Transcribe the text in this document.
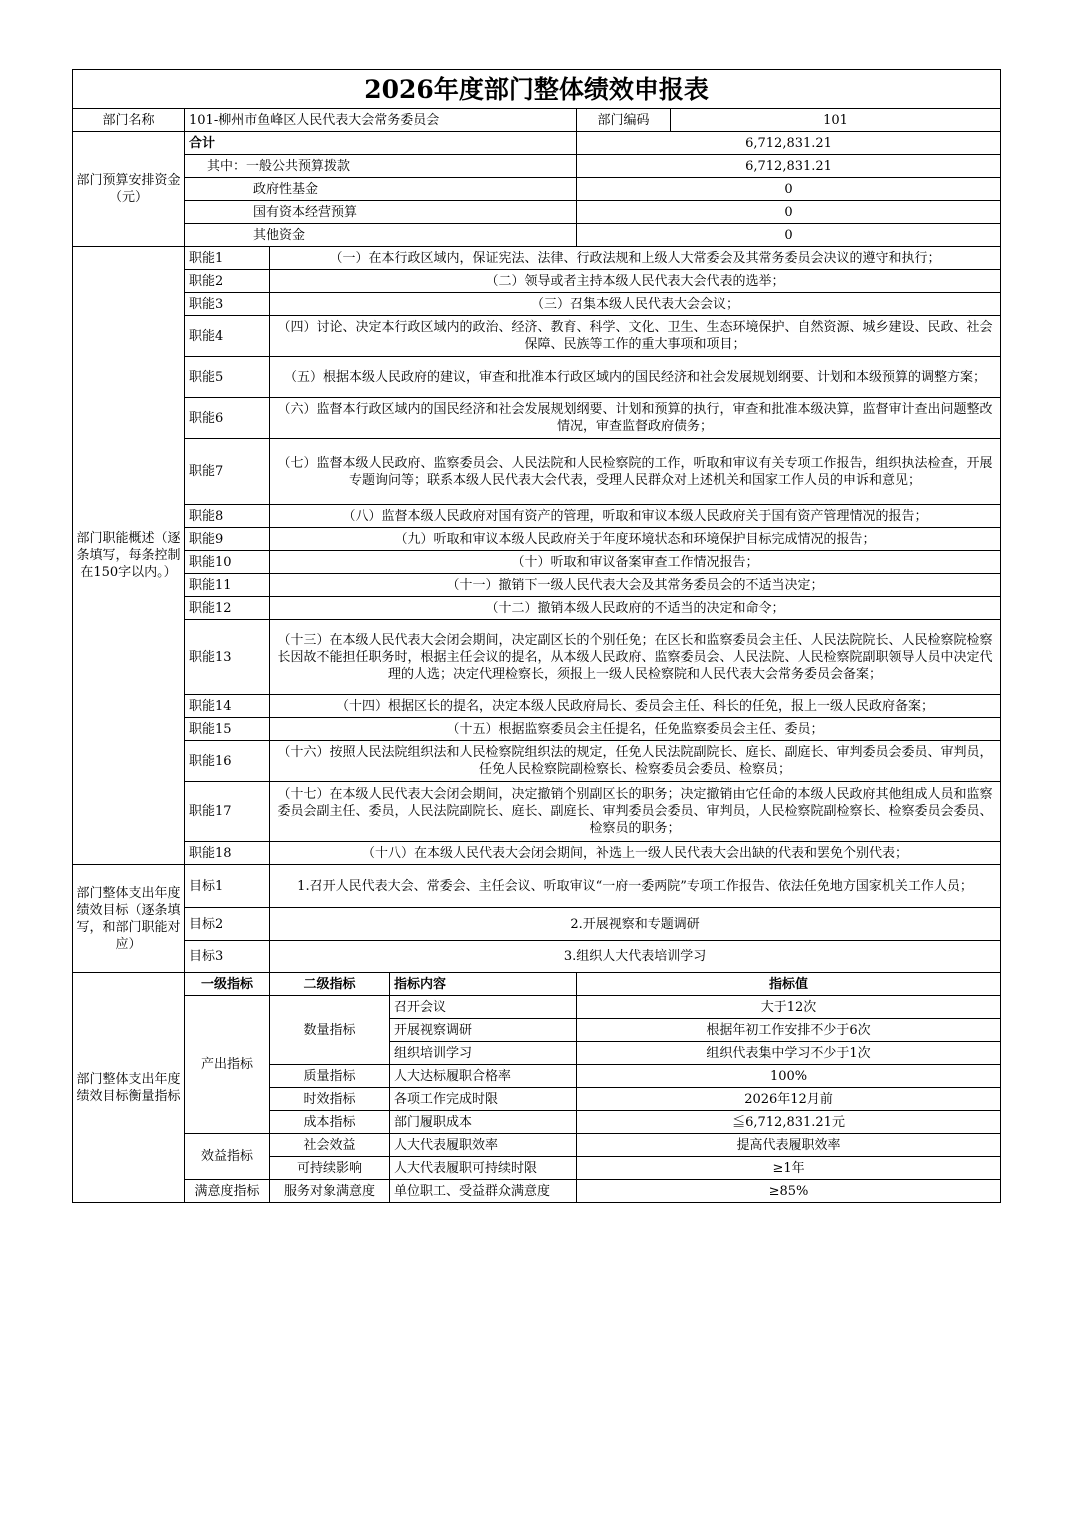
2026年度部门整体绩效申报表					
部门名称	101-柳州市鱼峰区人民代表大会常务委员会			部门编码	101
部门预算安排资金（元）	合计			6,712,831.21	
	其中：一般公共预算拨款			6,712,831.21	
	政府性基金			0	
	国有资本经营预算			0	
	其他资金			0	
部门职能概述（逐条填写，每条控制在150字以内。）	职能1	（一）在本行政区域内，保证宪法、法律、行政法规和上级人大常委会及其常务委员会决议的遵守和执行；			
	职能2	（二）领导或者主持本级人民代表大会代表的选举；			
	职能3	（三）召集本级人民代表大会会议；			
	职能4	（四）讨论、决定本行政区域内的政治、经济、教育、科学、文化、卫生、生态环境保护、自然资源、城乡建设、民政、社会保障、民族等工作的重大事项和项目；			
	职能5	（五）根据本级人民政府的建议，审查和批准本行政区域内的国民经济和社会发展规划纲要、计划和本级预算的调整方案；			
	职能6	（六）监督本行政区域内的国民经济和社会发展规划纲要、计划和预算的执行，审查和批准本级决算，监督审计查出问题整改情况，审查监督政府债务；			
	职能7	（七）监督本级人民政府、监察委员会、人民法院和人民检察院的工作，听取和审议有关专项工作报告，组织执法检查，开展专题询问等；联系本级人民代表大会代表，受理人民群众对上述机关和国家工作人员的申诉和意见；			
	职能8	（八）监督本级人民政府对国有资产的管理，听取和审议本级人民政府关于国有资产管理情况的报告；			
	职能9	（九）听取和审议本级人民政府关于年度环境状态和环境保护目标完成情况的报告；			
	职能10	（十）听取和审议备案审查工作情况报告；			
	职能11	（十一）撤销下一级人民代表大会及其常务委员会的不适当决定；			
	职能12	（十二）撤销本级人民政府的不适当的决定和命令；			
	职能13	（十三）在本级人民代表大会闭会期间，决定副区长的个别任免；在区长和监察委员会主任、人民法院院长、人民检察院检察长因故不能担任职务时，根据主任会议的提名，从本级人民政府、监察委员会、人民法院、人民检察院副职领导人员中决定代理的人选；决定代理检察长，须报上一级人民检察院和人民代表大会常务委员会备案；			
	职能14	（十四）根据区长的提名，决定本级人民政府局长、委员会主任、科长的任免，报上一级人民政府备案；			
	职能15	（十五）根据监察委员会主任提名，任免监察委员会主任、委员；			
	职能16	（十六）按照人民法院组织法和人民检察院组织法的规定，任免人民法院副院长、庭长、副庭长、审判委员会委员、审判员，任免人民检察院副检察长、检察委员会委员、检察员；			
	职能17	（十七）在本级人民代表大会闭会期间，决定撤销个别副区长的职务；决定撤销由它任命的本级人民政府其他组成人员和监察委员会副主任、委员，人民法院副院长、庭长、副庭长、审判委员会委员、审判员，人民检察院副检察长、检察委员会委员、检察员的职务；			
	职能18	（十八）在本级人民代表大会闭会期间，补选上一级人民代表大会出缺的代表和罢免个别代表；			
部门整体支出年度绩效目标（逐条填写，和部门职能对应）	目标1	1.召开人民代表大会、常委会、主任会议、听取审议“一府一委两院”专项工作报告、依法任免地方国家机关工作人员；			
	目标2	2.开展视察和专题调研			
	目标3	3.组织人大代表培训学习			
部门整体支出年度绩效目标衡量指标	一级指标	二级指标	指标内容	指标值	
	产出指标	数量指标	召开会议	大于12次	
			开展视察调研	根据年初工作安排不少于6次	
			组织培训学习	组织代表集中学习不少于1次	
		质量指标	人大达标履职合格率	100%	
		时效指标	各项工作完成时限	2026年12月前	
		成本指标	部门履职成本	≦6,712,831.21元	
	效益指标	社会效益	人大代表履职效率	提高代表履职效率	
		可持续影响	人大代表履职可持续时限	≥1年	
	满意度指标	服务对象满意度	单位职工、受益群众满意度	≥85%	
